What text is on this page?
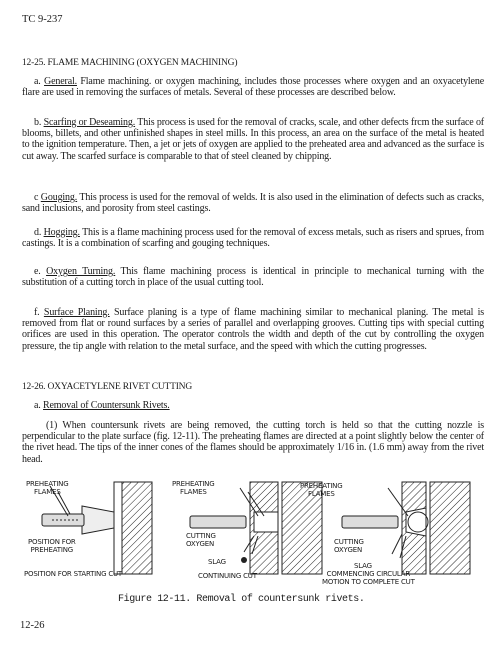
TC 9-237
12-25. FLAME MACHINING (OXYGEN MACHINING)
a. General. Flame machining. or oxygen machining, includes those processes where oxygen and an oxyacetylene flare are used in removing the surfaces of metals. Several of these processes are described below.
b. Scarfing or Deseaming. This process is used for the removal of cracks, scale, and other defects frcm the surface of blooms, billets, and other unfinished shapes in steel mills. In this process, an area on the surface of the metal is heated to the ignition temperature. Then, a jet or jets of oxygen are applied to the preheated area and advanced as the surface is cut away. The scarfed surface is comparable to that of steel cleaned by chipping.
c Gouging. This process is used for the removal of welds. It is also used in the elimination of defects such as cracks, sand inclusions, and porosity from steel castings.
d. Hogging. This is a flame machining process used for the removal of excess metals, such as risers and sprues, from castings. It is a combination of scarfing and gouging techniques.
e. Oxygen Turning. This flame machining process is identical in principle to mechanical turning with the substitution of a cutting torch in place of the usual cutting tool.
f. Surface Planing. Surface planing is a type of flame machining similar to mechanical planing. The metal is removed from flat or round surfaces by a series of parallel and overlapping grooves. Cutting tips with special cutting orifices are used in this operation. The operator controls the width and depth of the cut by controlling the oxygen pressure, the tip angle with relation to the metal surface, and the speed with which the cutting progresses.
12-26. OXYACETYLENE RIVET CUTTING
a. Removal of Countersunk Rivets.
(1) When countersunk rivets are being removed, the cutting torch is held so that the cutting nozzle is perpendicular to the plate surface (fig. 12-11). The preheating flames are directed at a point slightly below the center of the rivet head. The tips of the inner cones of the flames should be approximately 1/16 in. (1.6 mm) away from the rivet head.
PREHEATING
FLAMES
POSITION FOR
PREHEATING
POSITION FOR STARTING CUT
PREHEATING
FLAMES
CUTTING
OXYGEN
SLAG
CONTINUING CUT
PREHEATING
FLAMES
CUTTING
OXYGEN
SLAG
COMMENCING CIRCULAR
MOTION TO COMPLETE CUT
Figure 12-11. Removal of countersunk rivets.
12-26
